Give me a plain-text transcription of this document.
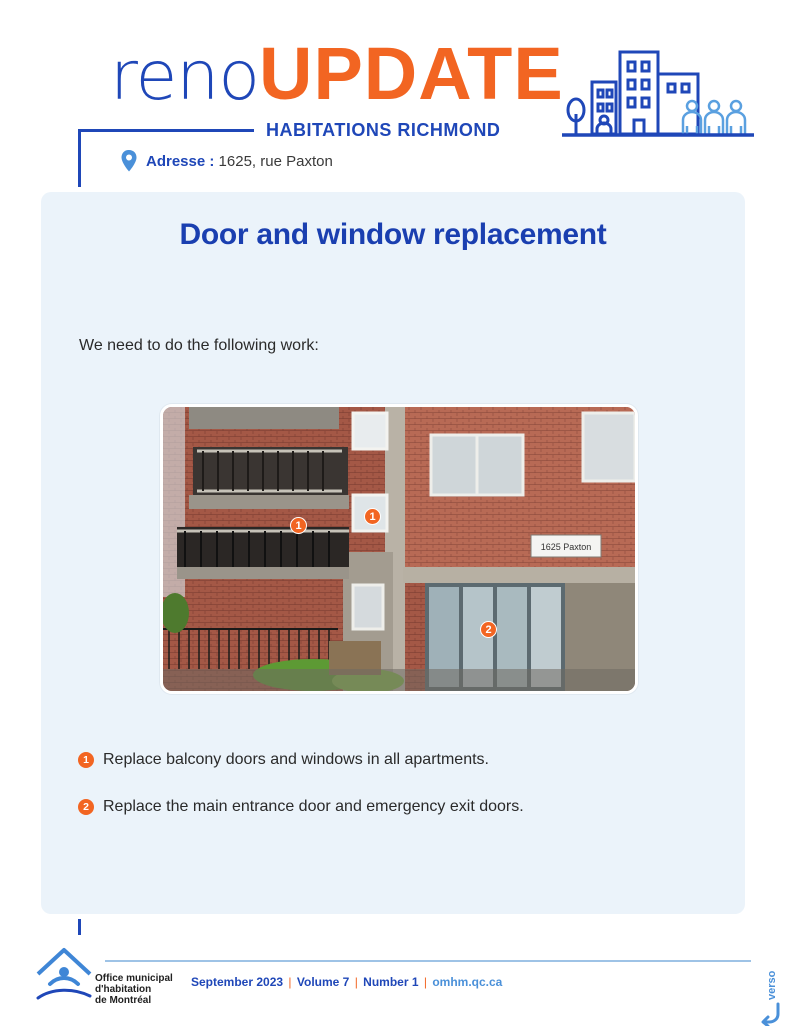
renoUPDATE
HABITATIONS RICHMOND
Adresse : 1625, rue Paxton
Door and window replacement
We need to do the following work:
1625 Paxton
1
1
2
1 Replace balcony doors and windows in all apartments.
2 Replace the main entrance door and emergency exit doors.
Office municipal
d'habitation
de Montréal
September 2023 | Volume 7 | Number 1 | omhm.qc.ca	verso
